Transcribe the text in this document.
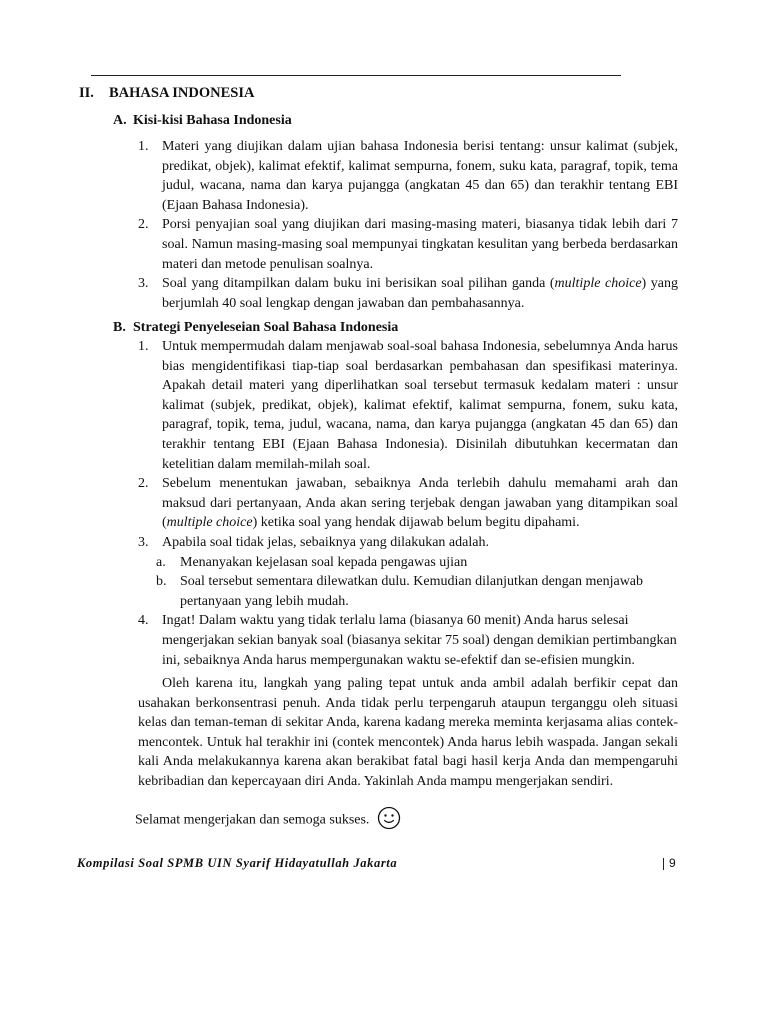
II. BAHASA INDONESIA
A. Kisi-kisi Bahasa Indonesia
1. Materi yang diujikan dalam ujian bahasa Indonesia berisi tentang: unsur kalimat (subjek, predikat, objek), kalimat efektif, kalimat sempurna, fonem, suku kata, paragraf, topik, tema judul, wacana, nama dan karya pujangga (angkatan 45 dan 65) dan terakhir tentang EBI (Ejaan Bahasa Indonesia).
2. Porsi penyajian soal yang diujikan dari masing-masing materi, biasanya tidak lebih dari 7 soal. Namun masing-masing soal mempunyai tingkatan kesulitan yang berbeda berdasarkan materi dan metode penulisan soalnya.
3. Soal yang ditampilkan dalam buku ini berisikan soal pilihan ganda (multiple choice) yang berjumlah 40 soal lengkap dengan jawaban dan pembahasannya.
B. Strategi Penyeleseian Soal Bahasa Indonesia
1. Untuk mempermudah dalam menjawab soal-soal bahasa Indonesia, sebelumnya Anda harus bias mengidentifikasi tiap-tiap soal berdasarkan pembahasan dan spesifikasi materinya. Apakah detail materi yang diperlihatkan soal tersebut termasuk kedalam materi : unsur kalimat (subjek, predikat, objek), kalimat efektif, kalimat sempurna, fonem, suku kata, paragraf, topik, tema, judul, wacana, nama, dan karya pujangga (angkatan 45 dan 65) dan terakhir tentang EBI (Ejaan Bahasa Indonesia). Disinilah dibutuhkan kecermatan dan ketelitian dalam memilah-milah soal.
2. Sebelum menentukan jawaban, sebaiknya Anda terlebih dahulu memahami arah dan maksud dari pertanyaan, Anda akan sering terjebak dengan jawaban yang ditampikan soal (multiple choice) ketika soal yang hendak dijawab belum begitu dipahami.
3. Apabila soal tidak jelas, sebaiknya yang dilakukan adalah.
a. Menanyakan kejelasan soal kepada pengawas ujian
b. Soal tersebut sementara dilewatkan dulu. Kemudian dilanjutkan dengan menjawab pertanyaan yang lebih mudah.
4. Ingat! Dalam waktu yang tidak terlalu lama (biasanya 60 menit) Anda harus selesai mengerjakan sekian banyak soal (biasanya sekitar 75 soal) dengan demikian pertimbangkan ini, sebaiknya Anda harus mempergunakan waktu se-efektif dan se-efisien mungkin.
Oleh karena itu, langkah yang paling tepat untuk anda ambil adalah berfikir cepat dan usahakan berkonsentrasi penuh. Anda tidak perlu terpengaruh ataupun terganggu oleh situasi kelas dan teman-teman di sekitar Anda, karena kadang mereka meminta kerjasama alias contek-mencontek. Untuk hal terakhir ini (contek mencontek) Anda harus lebih waspada. Jangan sekali kali Anda melakukannya karena akan berakibat fatal bagi hasil kerja Anda dan mempengaruhi kebribadian dan kepercayaan diri Anda. Yakinlah Anda mampu mengerjakan sendiri.
Selamat mengerjakan dan semoga sukses.
Kompilasi Soal SPMB UIN Syarif Hidayatullah Jakarta	9
